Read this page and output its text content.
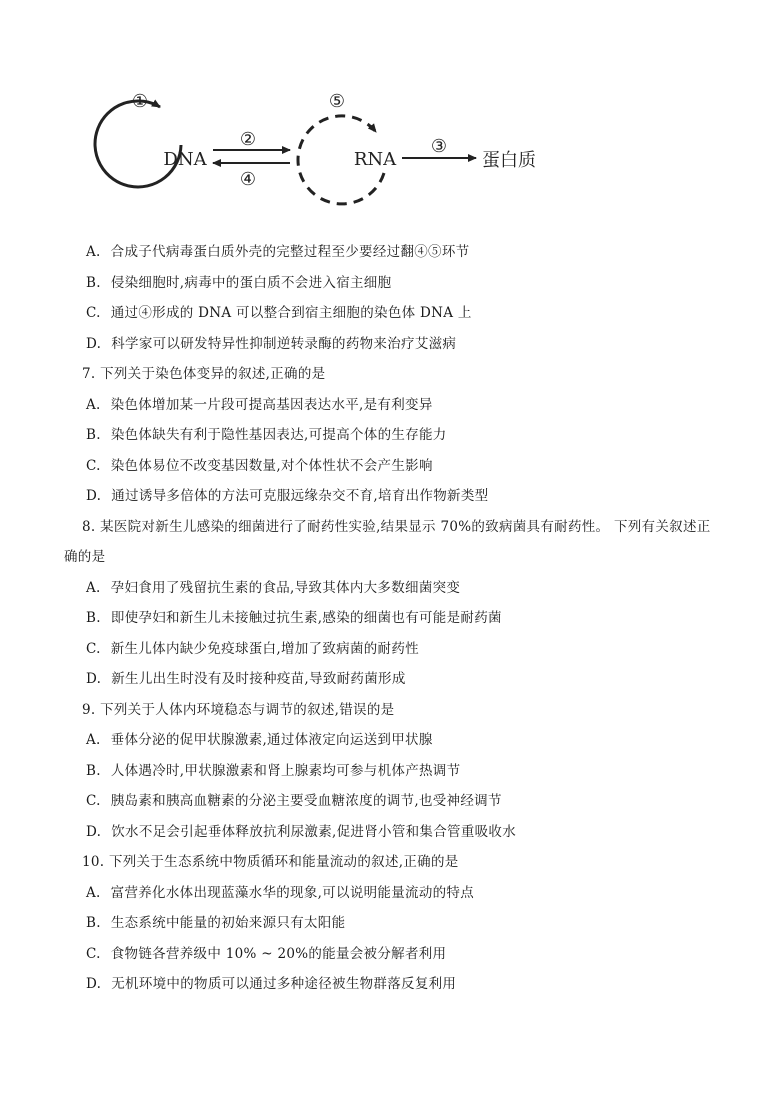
①
DNA
②
④
⑤
RNA
③
蛋白质
A. 合成子代病毒蛋白质外壳的完整过程至少要经过翻④⑤环节
B. 侵染细胞时,病毒中的蛋白质不会进入宿主细胞
C. 通过④形成的 DNA 可以整合到宿主细胞的染色体 DNA 上
D. 科学家可以研发特异性抑制逆转录酶的药物来治疗艾滋病
7. 下列关于染色体变异的叙述,正确的是
A. 染色体增加某一片段可提高基因表达水平,是有利变异
B. 染色体缺失有利于隐性基因表达,可提高个体的生存能力
C. 染色体易位不改变基因数量,对个体性状不会产生影响
D. 通过诱导多倍体的方法可克服远缘杂交不育,培育出作物新类型
8. 某医院对新生儿感染的细菌进行了耐药性实验,结果显示 70%的致病菌具有耐药性。 下列有关叙述正
确的是
A. 孕妇食用了残留抗生素的食品,导致其体内大多数细菌突变
B. 即使孕妇和新生儿未接触过抗生素,感染的细菌也有可能是耐药菌
C. 新生儿体内缺少免疫球蛋白,增加了致病菌的耐药性
D. 新生儿出生时没有及时接种疫苗,导致耐药菌形成
9. 下列关于人体内环境稳态与调节的叙述,错误的是
A. 垂体分泌的促甲状腺激素,通过体液定向运送到甲状腺
B. 人体遇冷时,甲状腺激素和肾上腺素均可参与机体产热调节
C. 胰岛素和胰高血糖素的分泌主要受血糖浓度的调节,也受神经调节
D. 饮水不足会引起垂体释放抗利尿激素,促进肾小管和集合管重吸收水
10. 下列关于生态系统中物质循环和能量流动的叙述,正确的是
A. 富营养化水体出现蓝藻水华的现象,可以说明能量流动的特点
B. 生态系统中能量的初始来源只有太阳能
C. 食物链各营养级中 10% ~ 20%的能量会被分解者利用
D. 无机环境中的物质可以通过多种途径被生物群落反复利用
